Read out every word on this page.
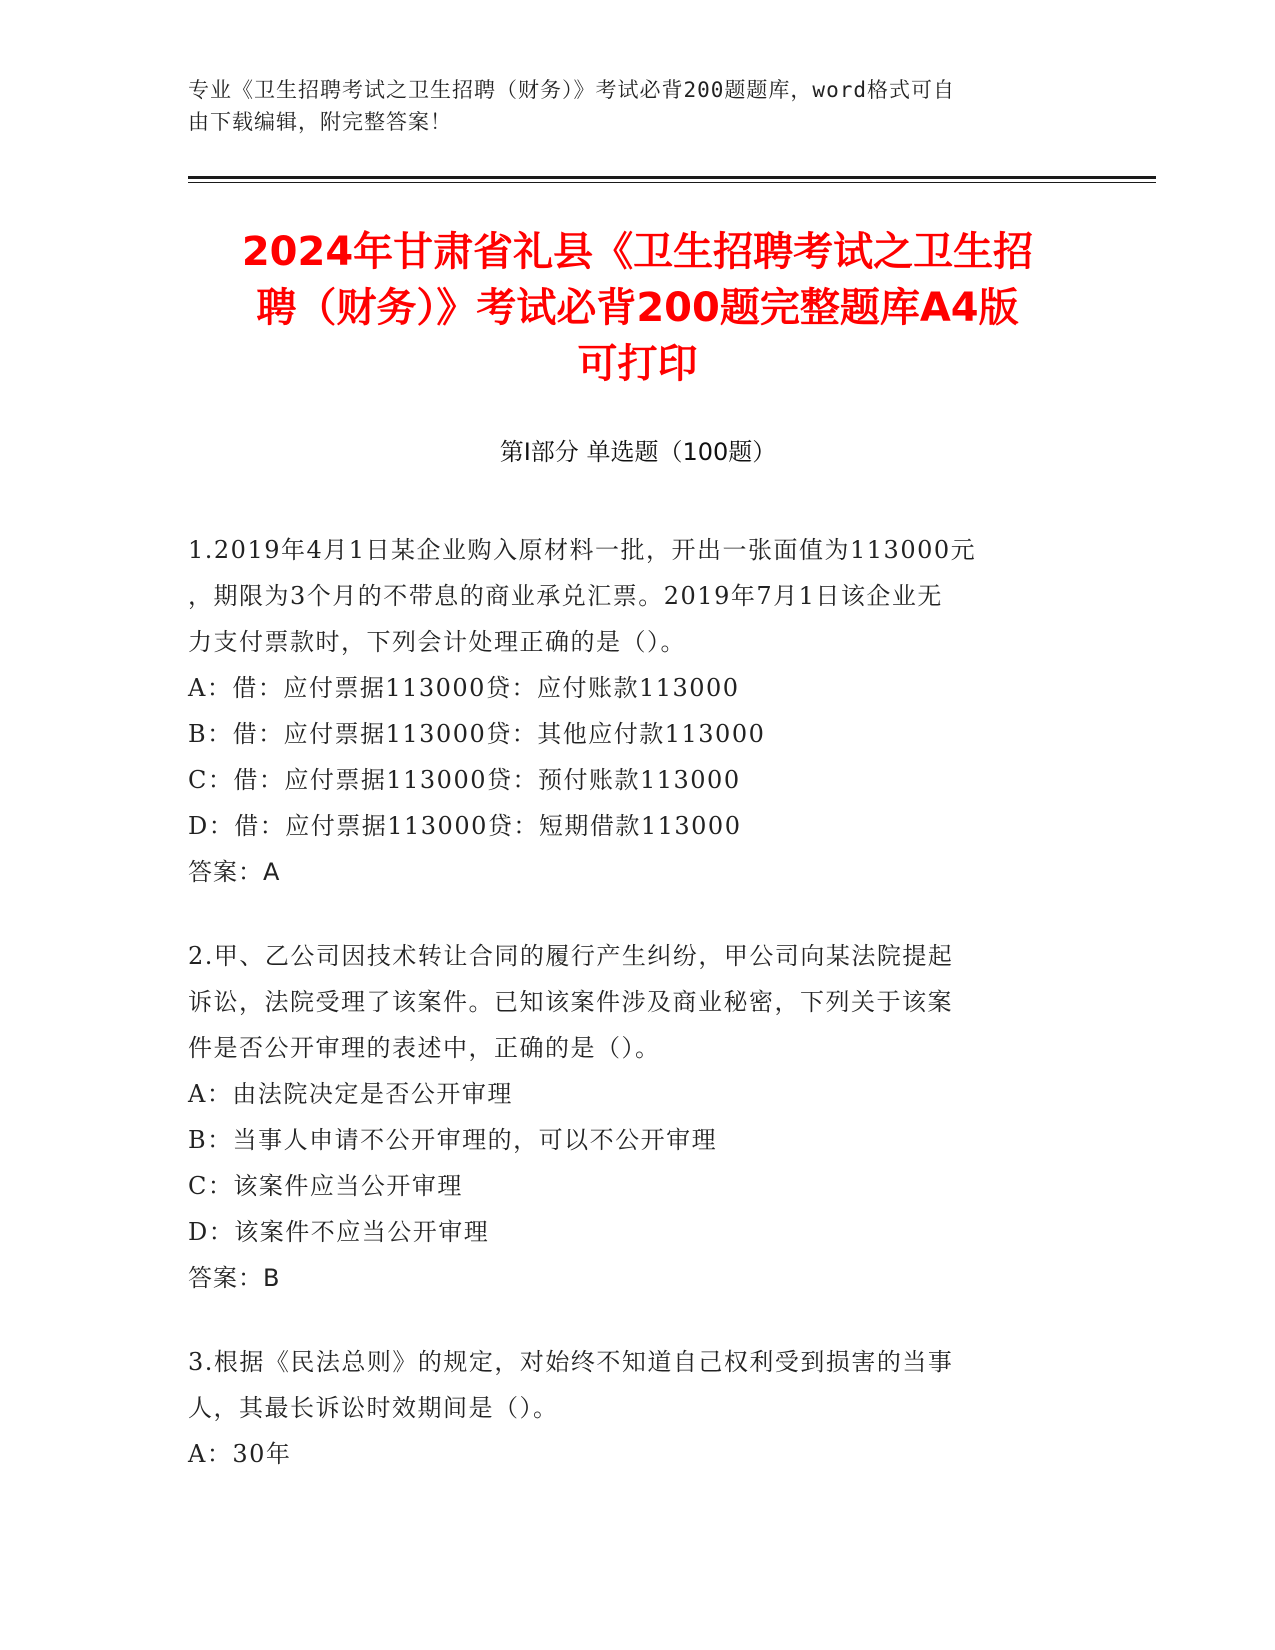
专业《卫生招聘考试之卫生招聘（财务）》考试必背200题题库，word格式可自
由下载编辑，附完整答案！
2024年甘肃省礼县《卫生招聘考试之卫生招
聘（财务）》考试必背200题完整题库A4版
可打印
第Ⅰ部分 单选题（100题）
1.2019年4月1日某企业购入原材料一批，开出一张面值为113000元
，期限为3个月的不带息的商业承兑汇票。2019年7月1日该企业无
力支付票款时，下列会计处理正确的是（）。
A：借：应付票据113000贷：应付账款113000
B：借：应付票据113000贷：其他应付款113000
C：借：应付票据113000贷：预付账款113000
D：借：应付票据113000贷：短期借款113000
答案：A
2.甲、乙公司因技术转让合同的履行产生纠纷，甲公司向某法院提起
诉讼，法院受理了该案件。已知该案件涉及商业秘密，下列关于该案
件是否公开审理的表述中，正确的是（）。
A：由法院决定是否公开审理
B：当事人申请不公开审理的，可以不公开审理
C：该案件应当公开审理
D：该案件不应当公开审理
答案：B
3.根据《民法总则》的规定，对始终不知道自己权利受到损害的当事
人，其最长诉讼时效期间是（）。
A：30年
